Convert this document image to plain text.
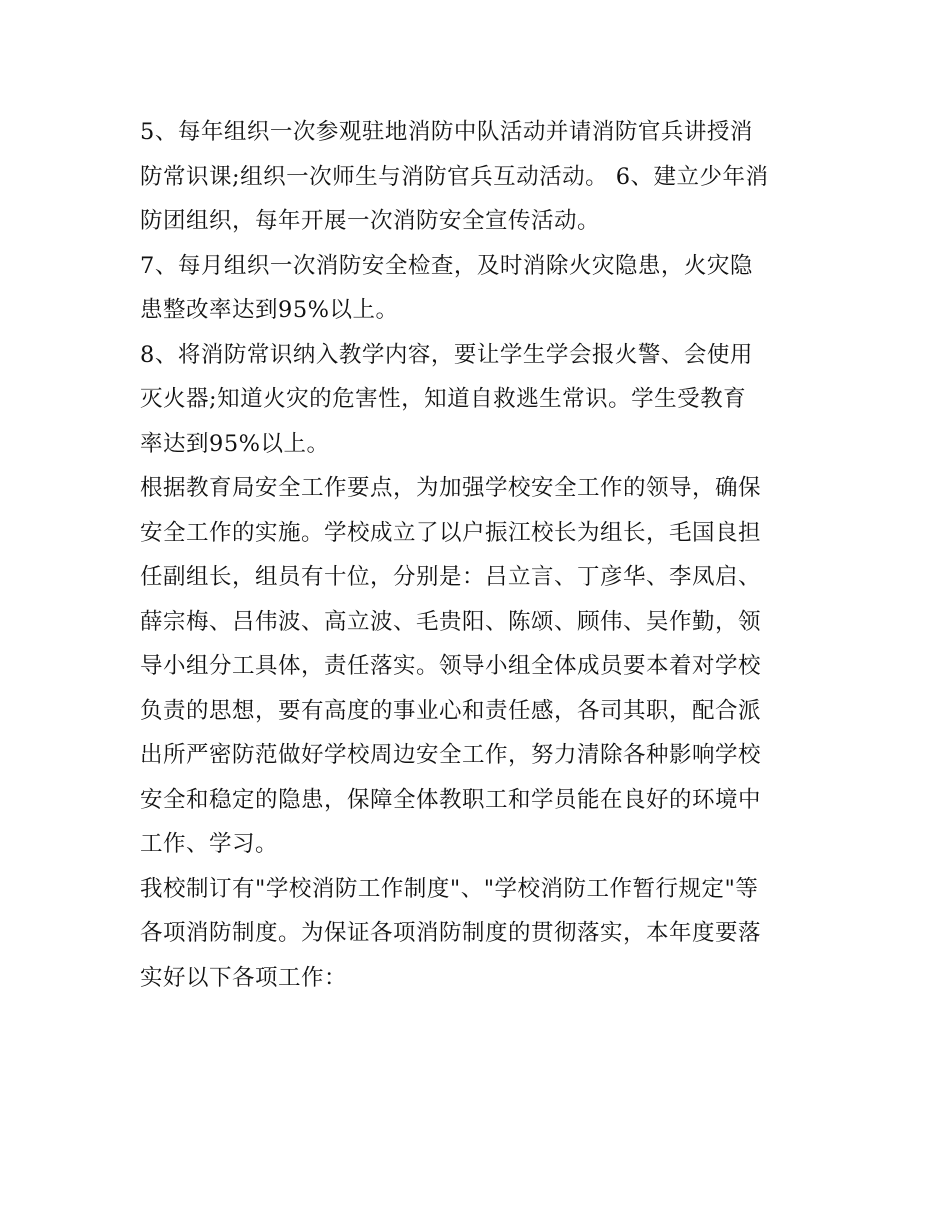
5、每年组织一次参观驻地消防中队活动并请消防官兵讲授消
防常识课;组织一次师生与消防官兵互动活动。 6、建立少年消
防团组织，每年开展一次消防安全宣传活动。
7、每月组织一次消防安全检查，及时消除火灾隐患，火灾隐
患整改率达到95%以上。
8、将消防常识纳入教学内容，要让学生学会报火警、会使用
灭火器;知道火灾的危害性，知道自救逃生常识。学生受教育
率达到95%以上。
根据教育局安全工作要点，为加强学校安全工作的领导，确保
安全工作的实施。学校成立了以户振江校长为组长，毛国良担
任副组长，组员有十位，分别是：吕立言、丁彦华、李凤启、
薛宗梅、吕伟波、高立波、毛贵阳、陈颂、顾伟、吴作勤，领
导小组分工具体，责任落实。领导小组全体成员要本着对学校
负责的思想，要有高度的事业心和责任感，各司其职，配合派
出所严密防范做好学校周边安全工作，努力清除各种影响学校
安全和稳定的隐患，保障全体教职工和学员能在良好的环境中
工作、学习。
我校制订有"学校消防工作制度"、"学校消防工作暂行规定"等
各项消防制度。为保证各项消防制度的贯彻落实，本年度要落
实好以下各项工作：
